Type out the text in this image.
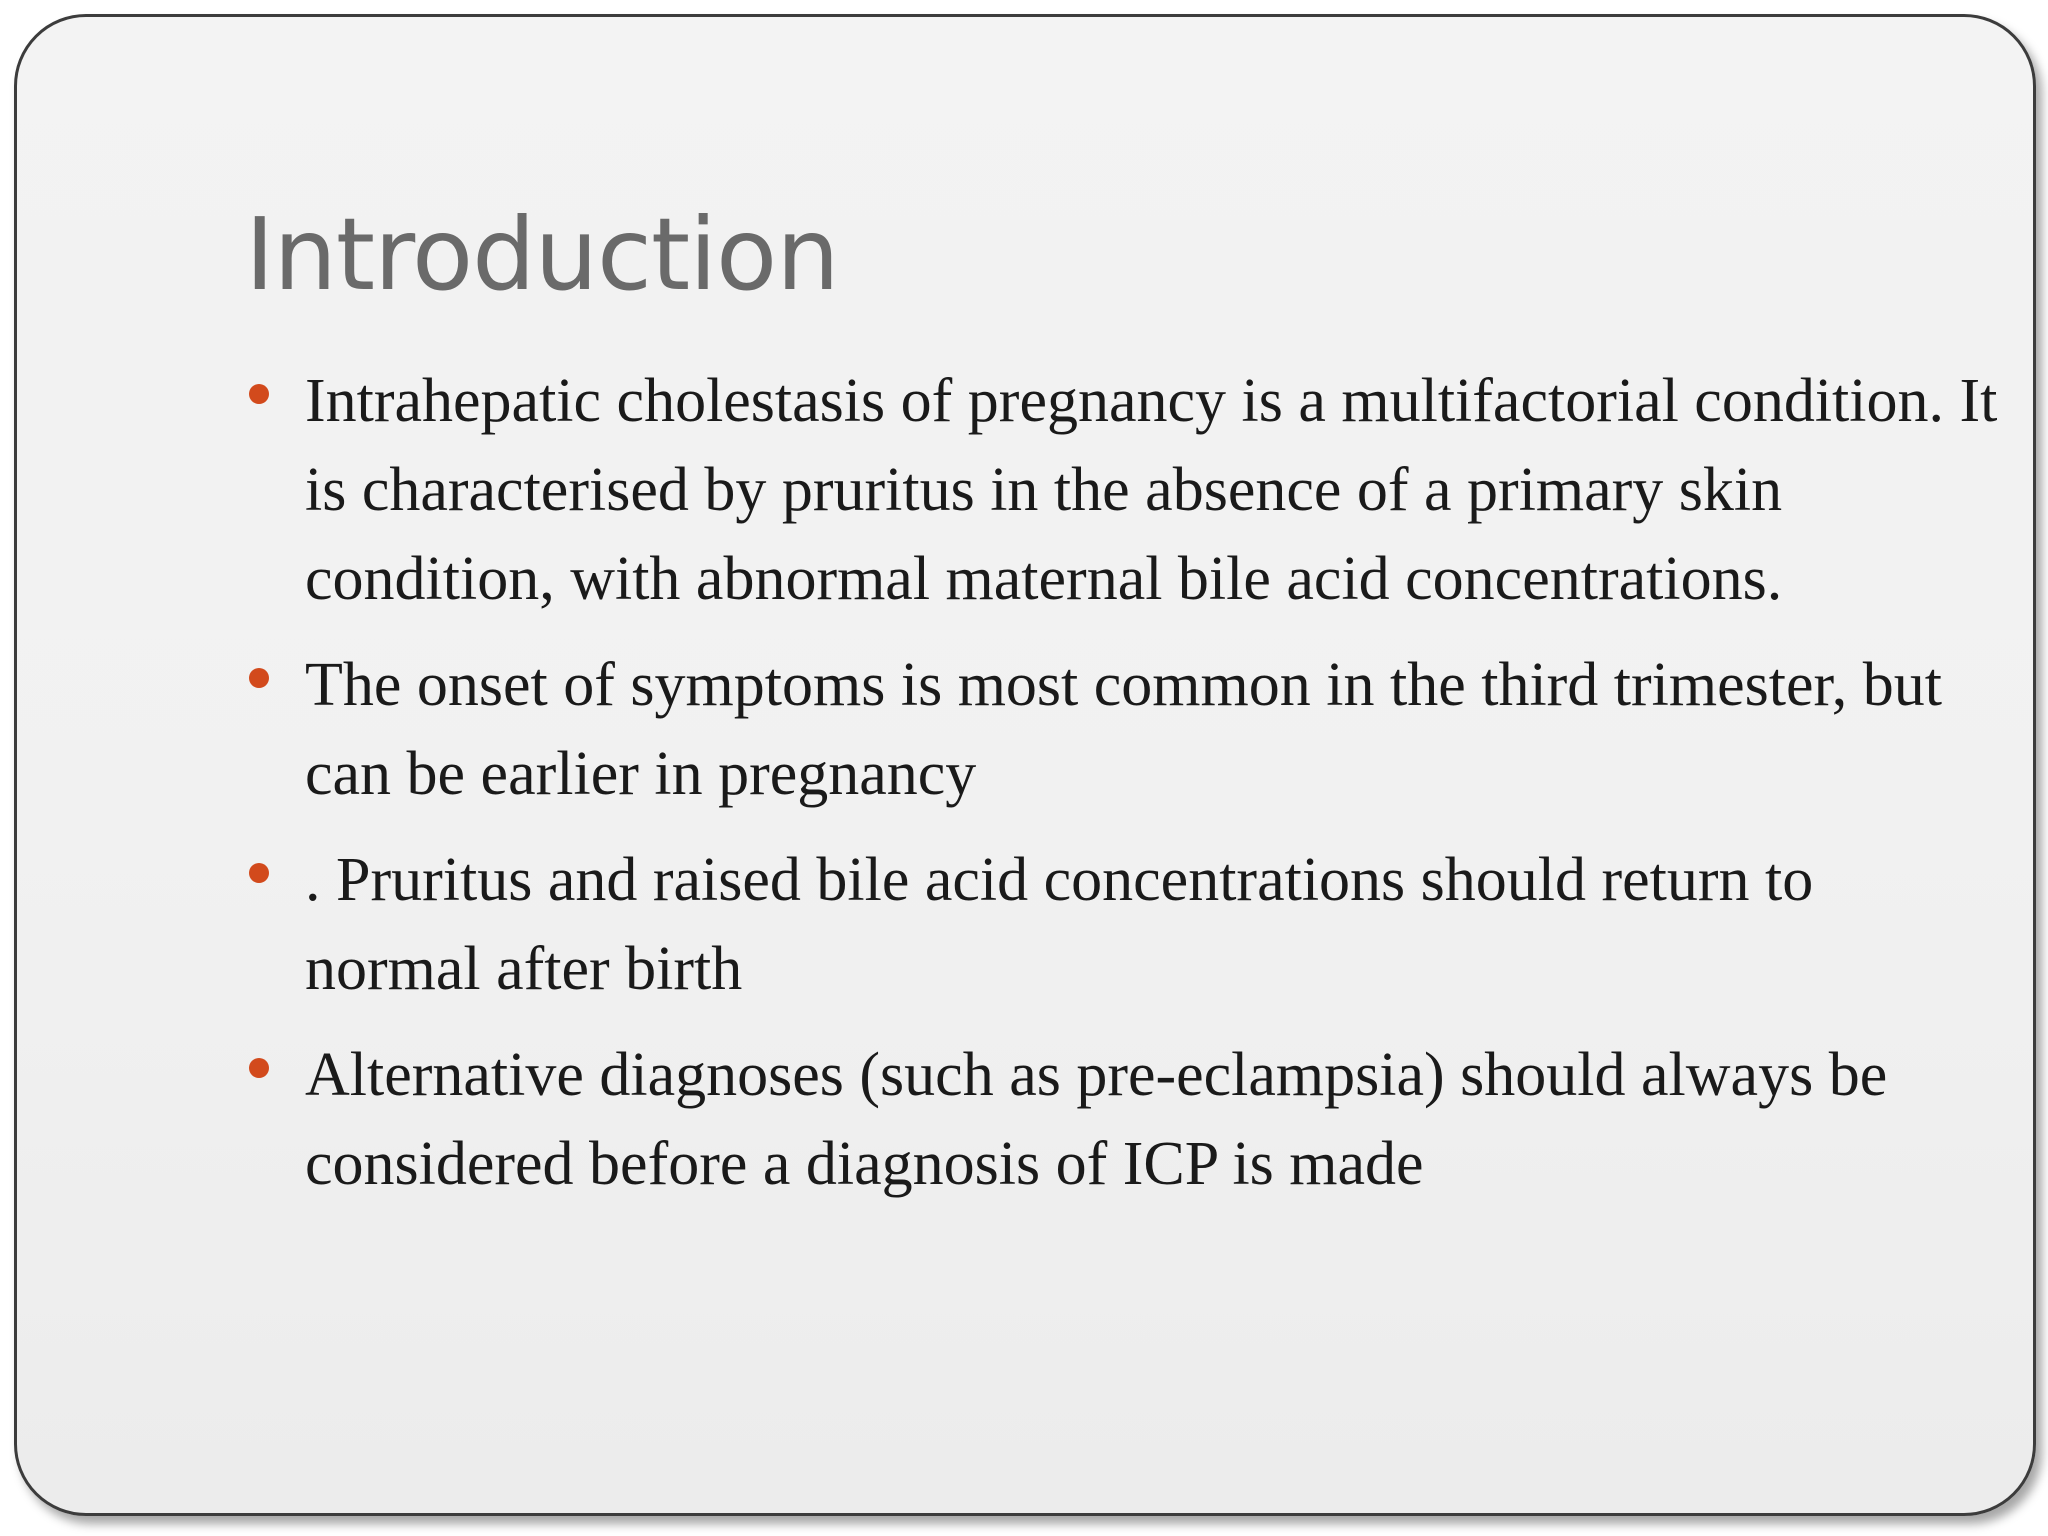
Introduction
Intrahepatic cholestasis of pregnancy is a multifactorial condition. It is characterised by pruritus in the absence of a primary skin condition, with abnormal maternal bile acid concentrations.
The onset of symptoms is most common in the third trimester, but can be earlier in pregnancy
. Pruritus and raised bile acid concentrations should return to normal after birth
Alternative diagnoses (such as pre-eclampsia) should always be considered before a diagnosis of ICP is made
